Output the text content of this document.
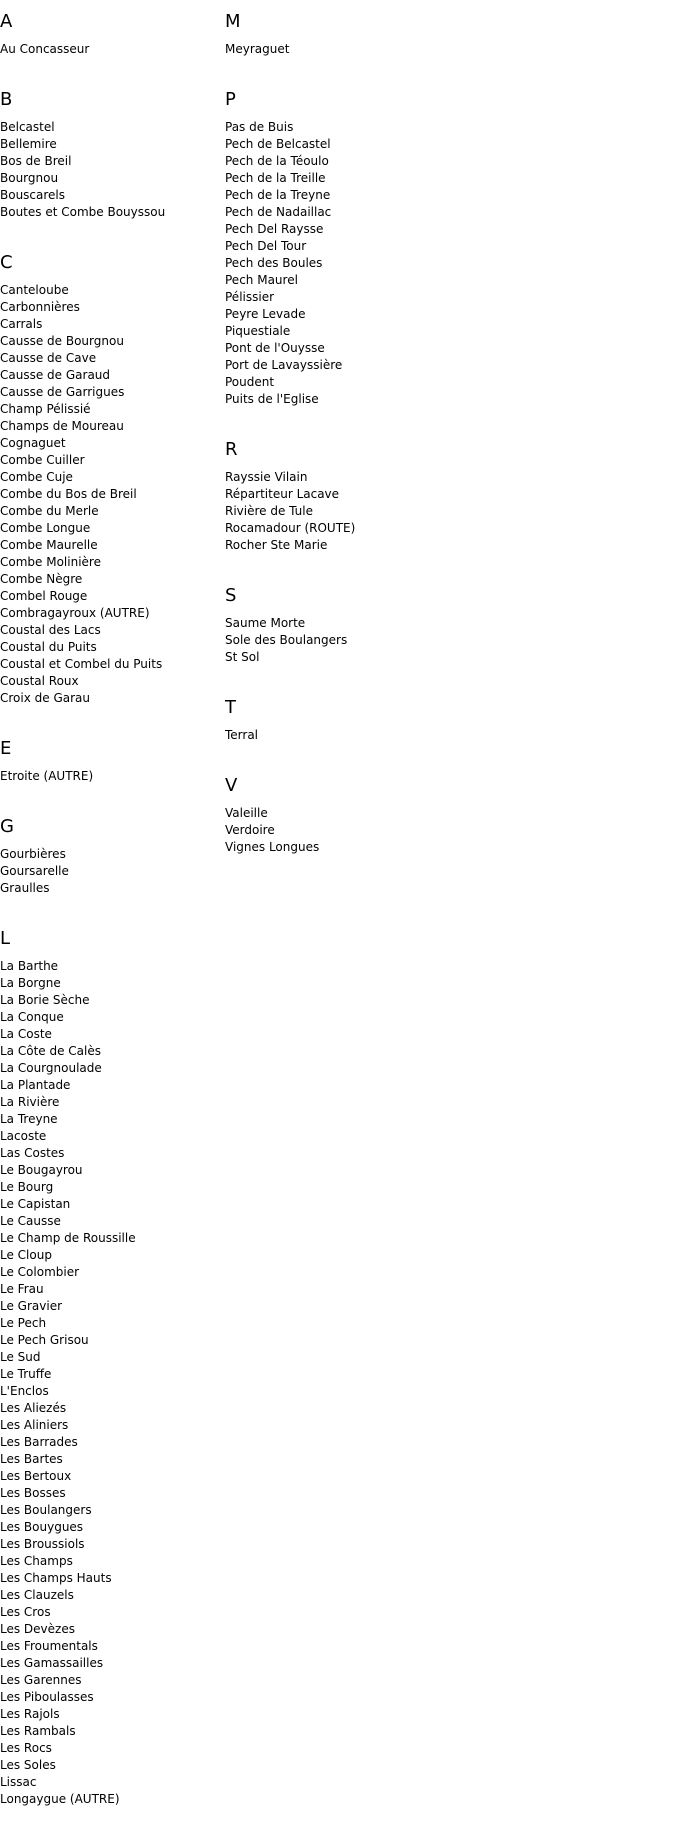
A
Au Concasseur
B
Belcastel
Bellemire
Bos de Breil
Bourgnou
Bouscarels
Boutes et Combe Bouyssou
C
Canteloube
Carbonnières
Carrals
Causse de Bourgnou
Causse de Cave
Causse de Garaud
Causse de Garrigues
Champ Pélissié
Champs de Moureau
Cognaguet
Combe Cuiller
Combe Cuje
Combe du Bos de Breil
Combe du Merle
Combe Longue
Combe Maurelle
Combe Molinière
Combe Nègre
Combel Rouge
Combragayroux (AUTRE)
Coustal des Lacs
Coustal du Puits
Coustal et Combel du Puits
Coustal Roux
Croix de Garau
E
Etroite (AUTRE)
G
Gourbières
Goursarelle
Graulles
L
La Barthe
La Borgne
La Borie Sèche
La Conque
La Coste
La Côte de Calès
La Courgnoulade
La Plantade
La Rivière
La Treyne
Lacoste
Las Costes
Le Bougayrou
Le Bourg
Le Capistan
Le Causse
Le Champ de Roussille
Le Cloup
Le Colombier
Le Frau
Le Gravier
Le Pech
Le Pech Grisou
Le Sud
Le Truffe
L'Enclos
Les Aliezés
Les Aliniers
Les Barrades
Les Bartes
Les Bertoux
Les Bosses
Les Boulangers
Les Bouygues
Les Broussiols
Les Champs
Les Champs Hauts
Les Clauzels
Les Cros
Les Devèzes
Les Froumentals
Les Gamassailles
Les Garennes
Les Piboulasses
Les Rajols
Les Rambals
Les Rocs
Les Soles
Lissac
Longaygue (AUTRE)
M
Meyraguet
P
Pas de Buis
Pech de Belcastel
Pech de la Téoulo
Pech de la Treille
Pech de la Treyne
Pech de Nadaillac
Pech Del Raysse
Pech Del Tour
Pech des Boules
Pech Maurel
Pélissier
Peyre Levade
Piquestiale
Pont de l'Ouysse
Port de Lavayssière
Poudent
Puits de l'Eglise
R
Rayssie Vilain
Répartiteur Lacave
Rivière de Tule
Rocamadour (ROUTE)
Rocher Ste Marie
S
Saume Morte
Sole des Boulangers
St Sol
T
Terral
V
Valeille
Verdoire
Vignes Longues
